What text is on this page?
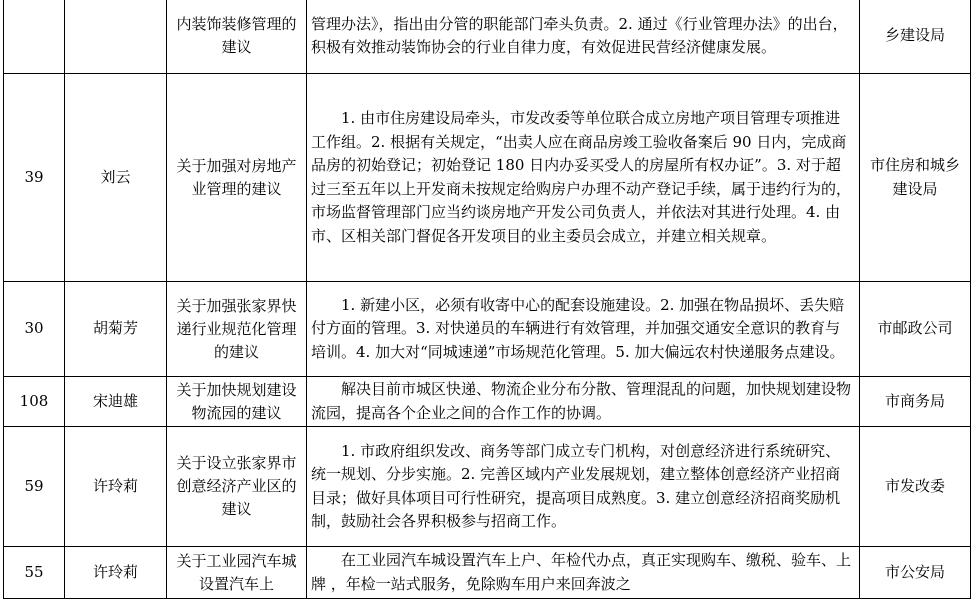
		内装饰装修管理的建议	管理办法》，指出由分管的职能部门牵头负责。2. 通过《行业管理办法》的出台，积极有效推动装饰协会的行业自律力度，有效促进民营经济健康发展。	乡建设局
39	刘云	关于加强对房地产业管理的建议	1. 由市住房建设局牵头，市发改委等单位联合成立房地产项目管理专项推进工作组。2. 根据有关规定，“出卖人应在商品房竣工验收备案后 90 日内，完成商品房的初始登记；初始登记 180 日内办妥买受人的房屋所有权办证”。3. 对于超过三至五年以上开发商未按规定给购房户办理不动产登记手续，属于违约行为的，市场监督管理部门应当约谈房地产开发公司负责人，并依法对其进行处理。4. 由市、区相关部门督促各开发项目的业主委员会成立，并建立相关规章。	市住房和城乡建设局
30	胡菊芳	关于加强张家界快递行业规范化管理的建议	1. 新建小区，必须有收寄中心的配套设施建设。2. 加强在物品损坏、丢失赔付方面的管理。3. 对快递员的车辆进行有效管理，并加强交通安全意识的教育与培训。4. 加大对“同城速递”市场规范化管理。5. 加大偏远农村快递服务点建设。	市邮政公司
108	宋迪雄	关于加快规划建设物流园的建议	解决目前市城区快递、物流企业分布分散、管理混乱的问题，加快规划建设物流园，提高各个企业之间的合作工作的协调。	市商务局
59	许玲莉	关于设立张家界市创意经济产业区的建议	1. 市政府组织发改、商务等部门成立专门机构，对创意经济进行系统研究、统一规划、分步实施。2. 完善区域内产业发展规划，建立整体创意经济产业招商目录；做好具体项目可行性研究，提高项目成熟度。3. 建立创意经济招商奖励机制，鼓励社会各界积极参与招商工作。	市发改委
55	许玲莉	关于工业园汽车城设置汽车上	在工业园汽车城设置汽车上户、年检代办点，真正实现购车、缴税、验车、上牌 ，年检一站式服务，免除购车用户来回奔波之	市公安局
